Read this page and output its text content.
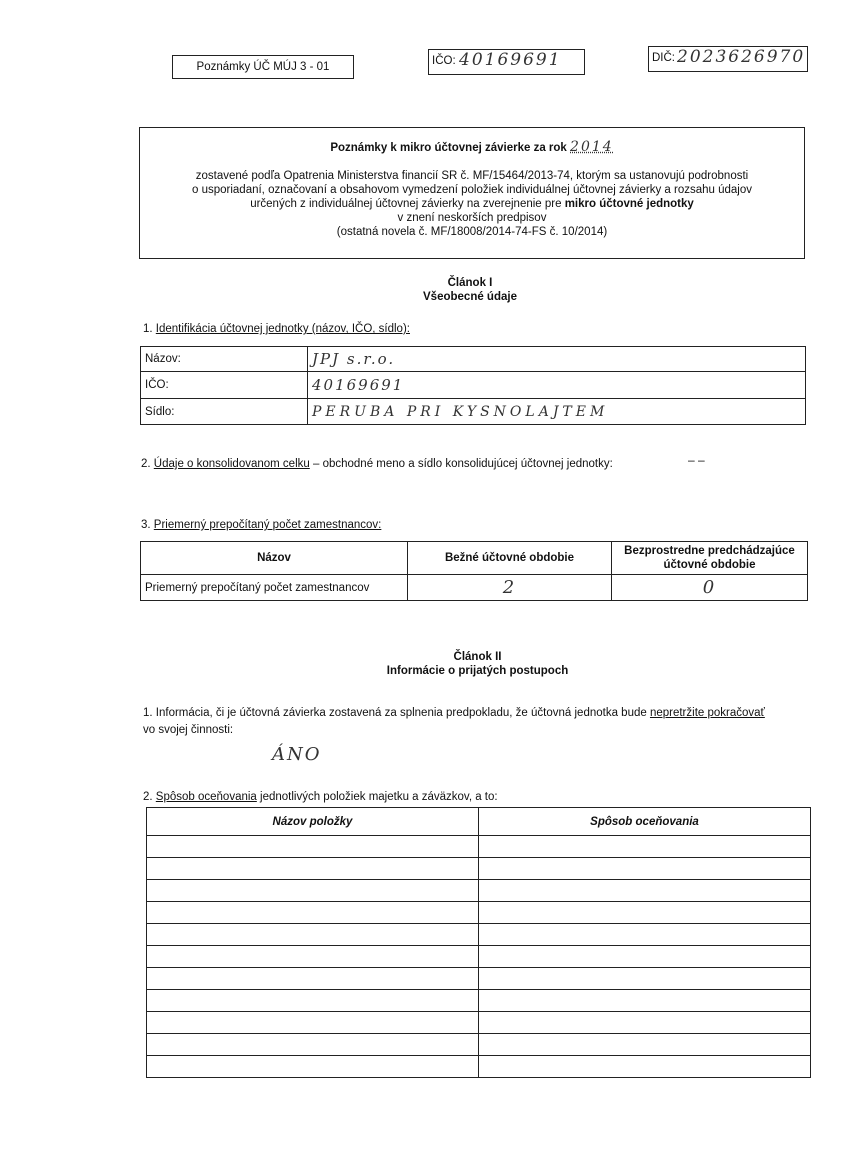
Poznámky ÚČ MÚJ 3 - 01	IČO: 40169691	DIČ: 2023626970

Poznámky k mikro účtovnej závierke za rok 2014

zostavené podľa Opatrenia Ministerstva financií SR č. MF/15464/2013-74, ktorým sa ustanovujú podrobnosti

o usporiadaní, označovaní a obsahovom vymedzení položiek individuálnej účtovnej závierky a rozsahu údajov

určených z individuálnej účtovnej závierky na zverejnenie pre mikro účtovné jednotky

v znení neskorších predpisov

(ostatná novela č. MF/18008/2014-74-FS č. 10/2014)

Článok I
Všeobecné údaje
1. Identifikácia účtovnej jednotky (názov, IČO, sídlo):
Názov:	JPJ s.r.o.
IČO:	40169691
Sídlo:	PERUBA PRI KYSNOLAJTEM
2. Údaje o konsolidovanom celku – obchodné meno a sídlo konsolidujúcej účtovnej jednotky:	– –
3. Priemerný prepočítaný počet zamestnancov:
Názov	Bežné účtovné obdobie	Bezprostredne predchádzajúce účtovné obdobie
Priemerný prepočítaný počet zamestnancov	2	0
Článok II
Informácie o prijatých postupoch
1. Informácia, či je účtovná závierka zostavená za splnenia predpokladu, že účtovná jednotka bude nepretržite pokračovať
vo svojej činnosti:
ÁNO
2. Spôsob oceňovania jednotlivých položiek majetku a záväzkov, a to:
Názov položky	Spôsob oceňovania
